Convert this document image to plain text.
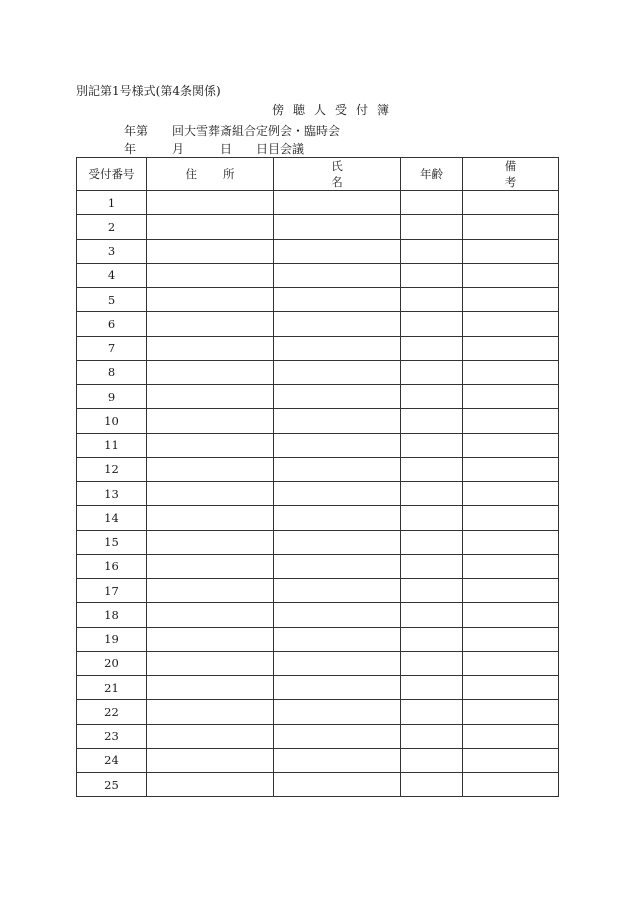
別記第1号様式(第4条関係)
傍聴人受付簿
年第 回大雪葬斎組合定例会・臨時会
年	月	日 日目会議
受付番号	住所	氏名	年齢	備考
1				
2				
3				
4				
5				
6				
7				
8				
9				
10				
11				
12				
13				
14				
15				
16				
17				
18				
19				
20				
21				
22				
23				
24				
25				
